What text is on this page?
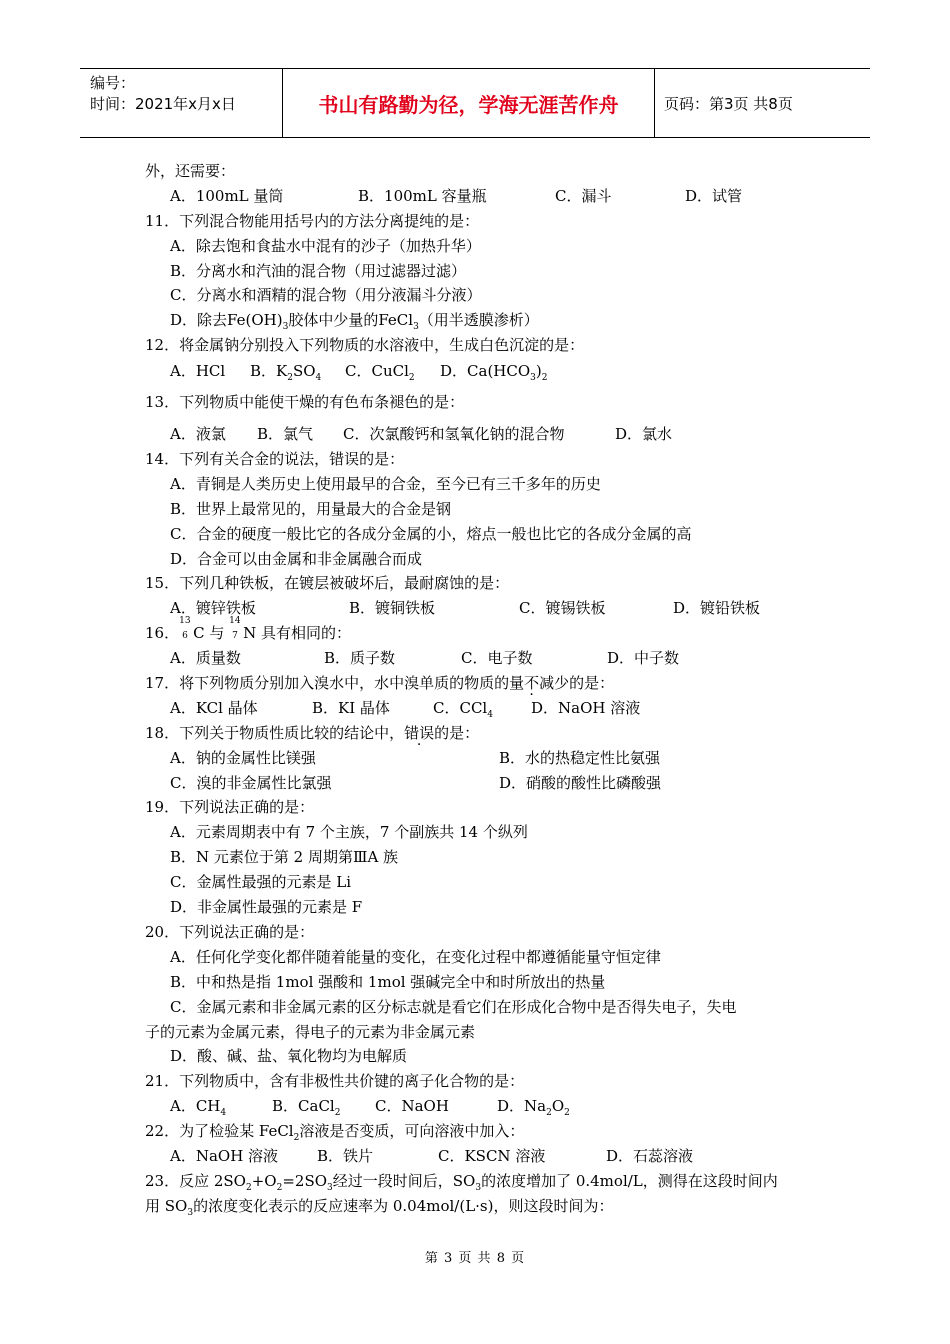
编号：
时间：2021年x月x日	书山有路勤为径，学海无涯苦作舟	页码：第3页 共8页
外，还需要：
A．100mL 量筒	B．100mL 容量瓶	C．漏斗	D．试管
11．下列混合物能用括号内的方法分离提纯的是：
A．除去饱和食盐水中混有的沙子（加热升华）
B．分离水和汽油的混合物（用过滤器过滤）
C．分离水和酒精的混合物（用分液漏斗分液）
D．除去$Fe(OH)_3$胶体中少量的FeCl$_3$（用半透膜渗析）
12．将金属钠分别投入下列物质的水溶液中，生成白色沉淀的是：
A．HCl B．$K_2SO_4$ C．CuCl$_2$ D．$Ca(HCO_3)_2$
13．下列物质中能使干燥的有色布条褪色的是：
A．液氯 B．氯气 C．次氯酸钙和氢氧化钠的混合物	D．氯水
14．下列有关合金的说法，错误的是：
A．青铜是人类历史上使用最早的合金，至今已有三千多年的历史
B．世界上最常见的，用量最大的合金是钢
C．合金的硬度一般比它的各成分金属的小，熔点一般也比它的各成分金属的高
D．合金可以由金属和非金属融合而成
15．下列几种铁板，在镀层被破坏后，最耐腐蚀的是：
A．镀锌铁板	B．镀铜铁板	C．镀锡铁板	D．镀铅铁板
16．
13
6 C 与
14
7 N 具有相同的：
A．质量数	B．质子数	C．电子数	D．中子数
17．将下列物质分别加入溴水中，水中溴单质的物质的量不减少的是：
A．KCl 晶体	B．KI 晶体	C．CCl$_4$	D．NaOH 溶液
18．下列关于物质性质比较的结论中，错误的是：
A．钠的金属性比镁强	B．水的热稳定性比氨强
C．溴的非金属性比氯强	D．硝酸的酸性比磷酸强
19．下列说法正确的是：
A．元素周期表中有 7 个主族，7 个副族共 14 个纵列
B．N 元素位于第 2 周期第ⅢA 族
C．金属性最强的元素是 Li
D．非金属性最强的元素是 F
20．下列说法正确的是：
A．任何化学变化都伴随着能量的变化，在变化过程中都遵循能量守恒定律
B．中和热是指 1mol 强酸和 1mol 强碱完全中和时所放出的热量
C．金属元素和非金属元素的区分标志就是看它们在形成化合物中是否得失电子，失电
子的元素为金属元素，得电子的元素为非金属元素
D．酸、碱、盐、氧化物均为电解质
21．下列物质中，含有非极性共价键的离子化合物的是：
A．$CH_4$	B．CaCl$_2$ C．NaOH	D．$Na_2O_2$
22．为了检验某 FeCl$_2$溶液是否变质，可向溶液中加入：
A．NaOH 溶液	B．铁片	C．KSCN 溶液	D．石蕊溶液
23．反应 $2SO_2+O_2=2SO_3$经过一段时间后，$SO_3$的浓度增加了 0.4mol/L，测得在这段时间内
用 $SO_3$的浓度变化表示的反应速率为 0.04mol/(L·s)，则这段时间为：
第 3 页 共 8 页
